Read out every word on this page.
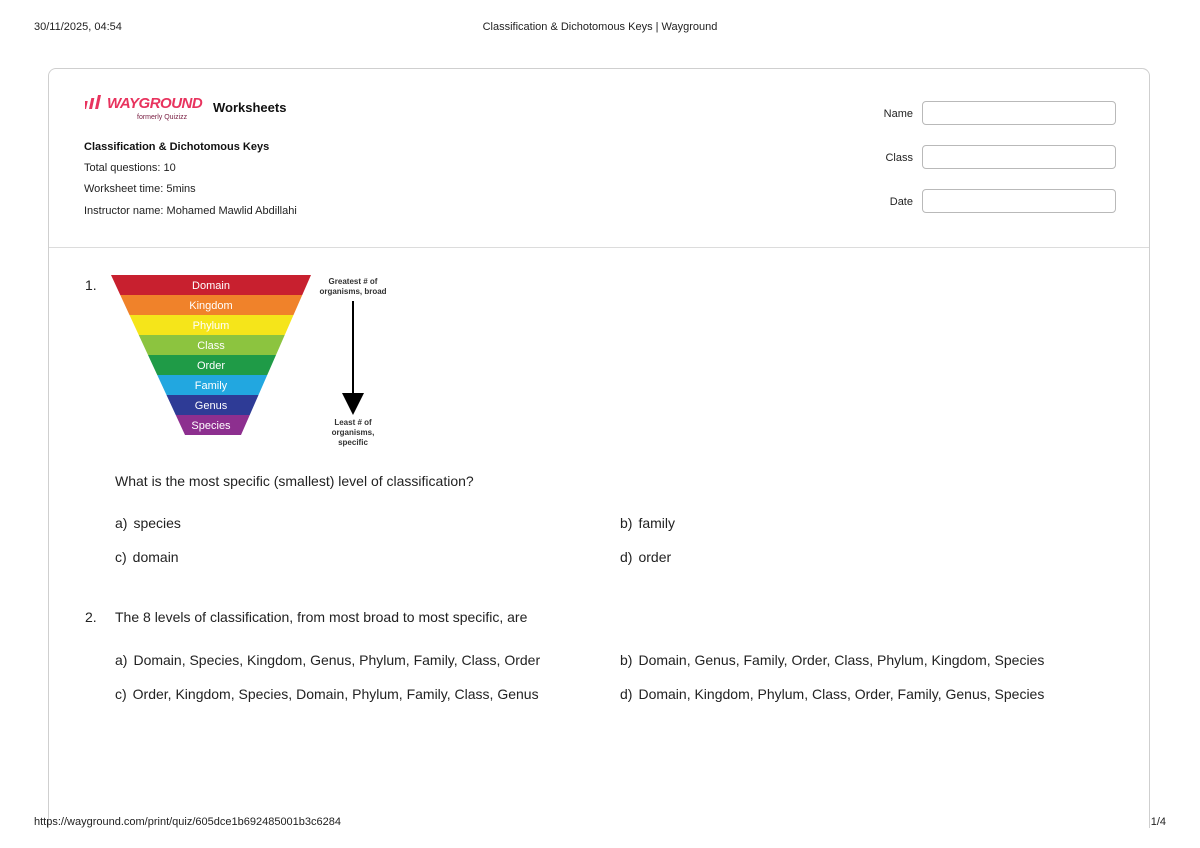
30/11/2025, 04:54	Classification & Dichotomous Keys | Wayground
WAYGROUND
formerly Quizizz
Worksheets
Classification & Dichotomous Keys
Total questions: 10
Worksheet time: 5mins
Instructor name: Mohamed Mawlid Abdillahi
Name
Class
Date
1.	Domain
Kingdom
Phylum
Class
Order
Family
Genus
Species
Greatest # of
organisms, broad
Least # of
organisms,
specific
What is the most specific (smallest) level of classification?
a) species	b) family
c) domain	d) order
2. The 8 levels of classification, from most broad to most specific, are
a) Domain, Species, Kingdom, Genus, Phylum, Family, Class, Order	b) Domain, Genus, Family, Order, Class, Phylum, Kingdom, Species
c) Order, Kingdom, Species, Domain, Phylum, Family, Class, Genus	d) Domain, Kingdom, Phylum, Class, Order, Family, Genus, Species
https://wayground.com/print/quiz/605dce1b692485001b3c6284	1/4
